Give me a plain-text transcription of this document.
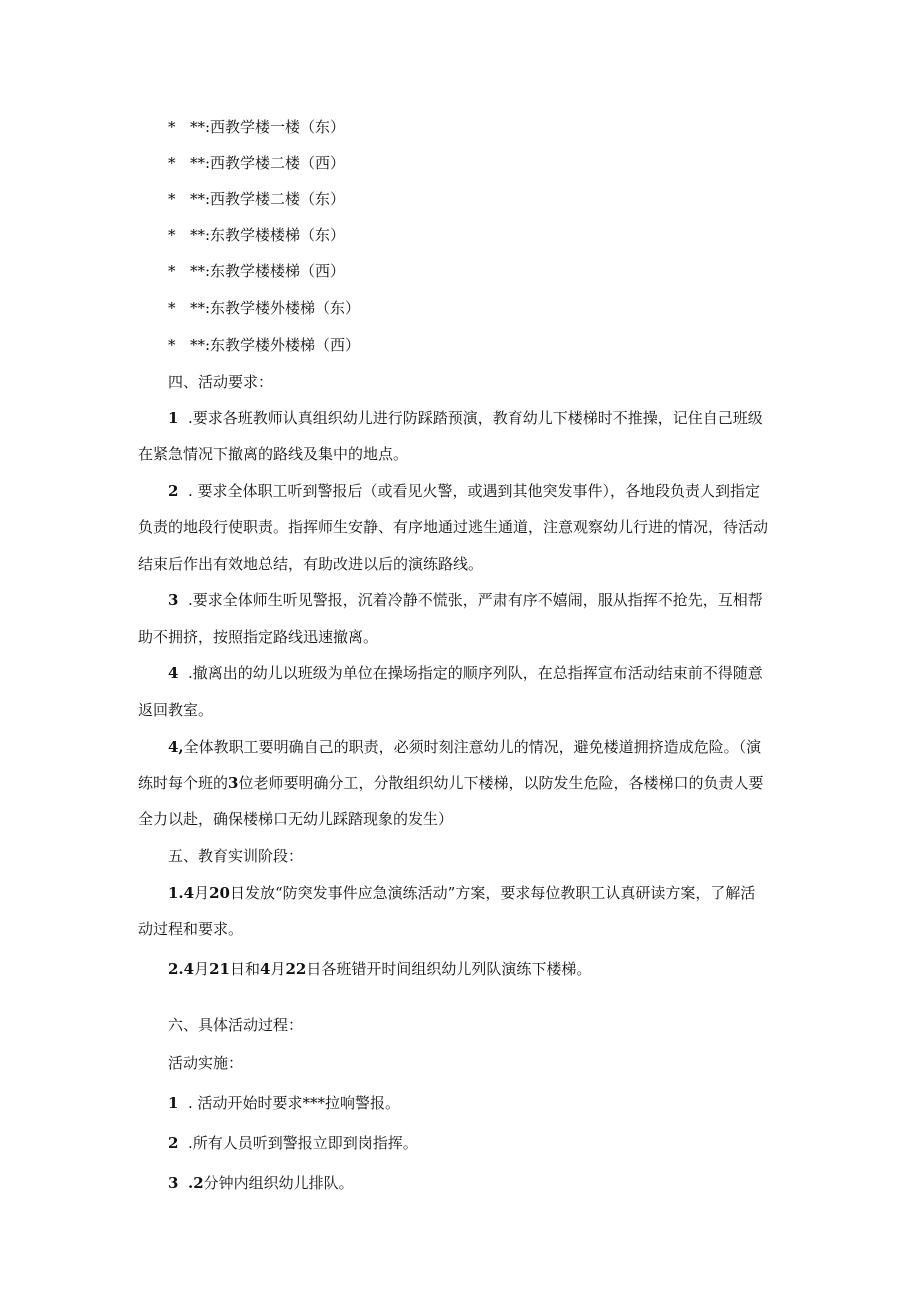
* **:西教学楼一楼（东）
* **:西教学楼二楼（西）
* **:西教学楼二楼（东）
* **:东教学楼楼梯（东）
* **:东教学楼楼梯（西）
* **:东教学楼外楼梯（东）
* **:东教学楼外楼梯（西）
四、活动要求：
1 .要求各班教师认真组织幼儿进行防踩踏预演，教育幼儿下楼梯时不推操，记住自己班级
在紧急情况下撤离的路线及集中的地点。
2 . 要求全体职工听到警报后（或看见火警，或遇到其他突发事件），各地段负责人到指定
负责的地段行使职责。指挥师生安静、有序地通过逃生通道，注意观察幼儿行进的情况，待活动
结束后作出有效地总结，有助改进以后的演练路线。
3 .要求全体师生听见警报，沉着冷静不慌张，严肃有序不嬉闹，服从指挥不抢先，互相帮
助不拥挤，按照指定路线迅速撤离。
4 .撤离出的幼儿以班级为单位在操场指定的顺序列队，在总指挥宣布活动结束前不得随意
返回教室。
4,全体教职工要明确自己的职责，必须时刻注意幼儿的情况，避免楼道拥挤造成危险。（演
练时每个班的3位老师要明确分工，分散组织幼儿下楼梯，以防发生危险，各楼梯口的负责人要
全力以赴，确保楼梯口无幼儿踩踏现象的发生）
五、教育实训阶段：
1.4月20日发放“防突发事件应急演练活动”方案，要求每位教职工认真研读方案，了解活
动过程和要求。
2.4月21日和4月22日各班错开时间组织幼儿列队演练下楼梯。
六、具体活动过程：
活动实施：
1 . 活动开始时要求***拉响警报。
2 .所有人员听到警报立即到岗指挥。
3 .2分钟内组织幼儿排队。
